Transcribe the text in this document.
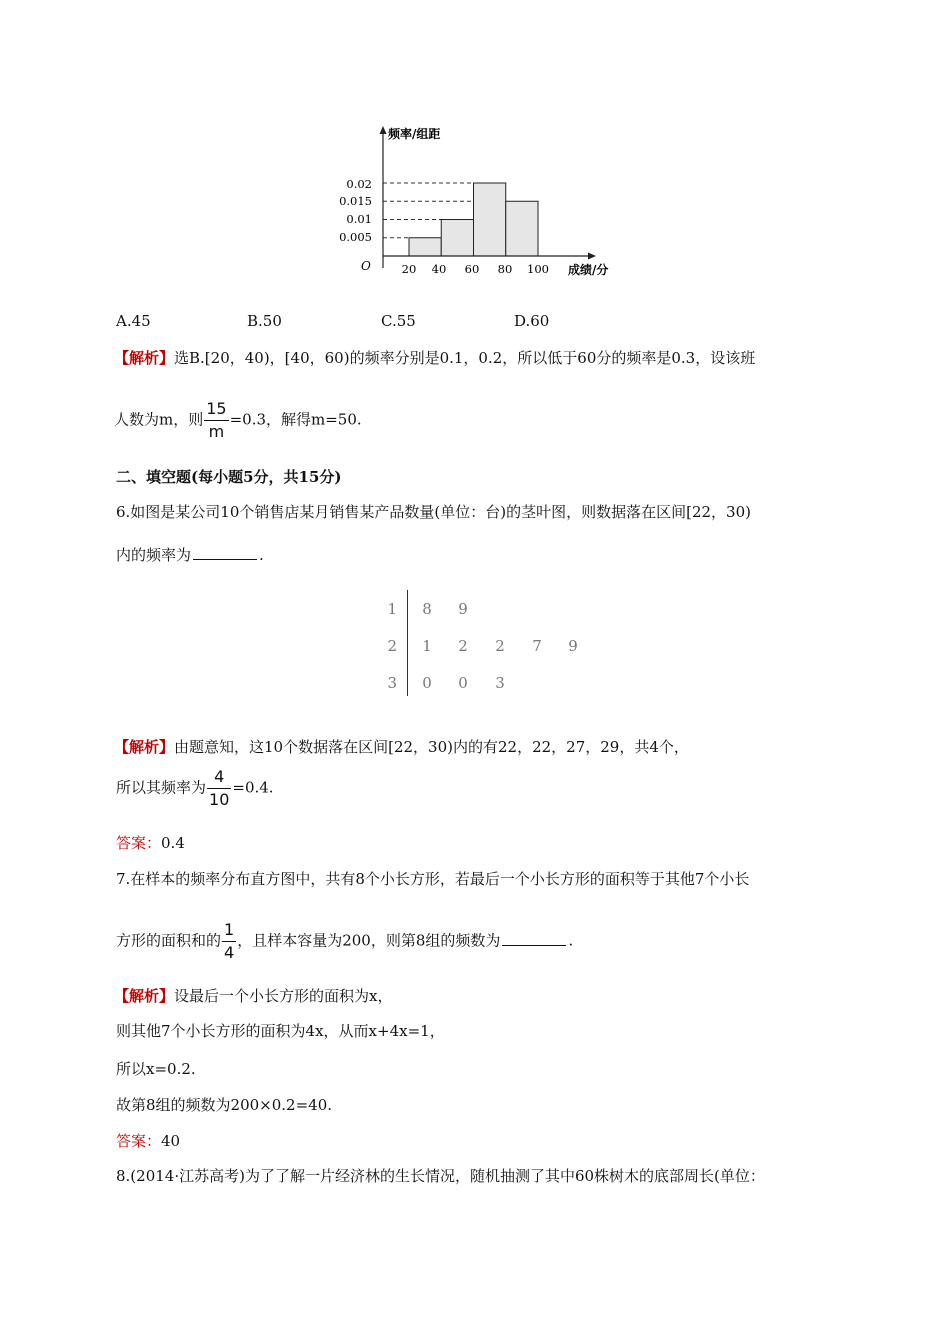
频率/组距
成绩/分
O
0.02
0.015
0.01
0.005
20 40 60 80 100
A.45	B.50	C.55	D.60
【解析】选B.[20，40)，[40，60)的频率分别是0.1，0.2，所以低于60分的频率是0.3，设该班
人数为m，则 $\frac{15}{m} =0.3$，解得m=50.
二、填空题(每小题5分，共15分)
6.如图是某公司10个销售店某月销售某产品数量(单位：台)的茎叶图，则数据落在区间[22，30)
内的频率为	.
1 8 9
2 1 2 2 7 9
3 0 0 3
【解析】由题意知，这10个数据落在区间[22，30)内的有22，22，27，29，共4个，
所以其频率为 $\frac{4}{10} =0.4$.
答案：0.4
7.在样本的频率分布直方图中，共有8个小长方形，若最后一个小长方形的面积等于其他7个小长
方形的面积和的 $\frac{1}{4}$ ，且样本容量为200，则第8组的频数为	.
【解析】设最后一个小长方形的面积为x，
则其他7个小长方形的面积为4x，从而x+4x=1，
所以x=0.2.
故第8组的频数为200×0.2=40.
答案：40
8.(2014·江苏高考)为了了解一片经济林的生长情况，随机抽测了其中60株树木的底部周长(单位：
